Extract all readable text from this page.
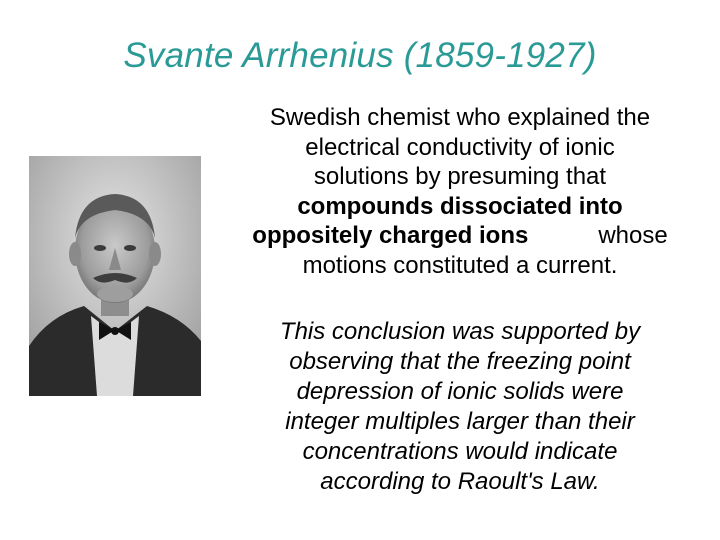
Svante Arrhenius (1859-1927)
Swedish chemist who explained the
electrical conductivity of ionic
solutions by presuming that
compounds dissociated into
oppositely charged ions	whose
motions constituted a current.
This conclusion was supported by
observing that the freezing point
depression of ionic solids were
integer multiples larger than their
concentrations would indicate
according to Raoult's Law.
